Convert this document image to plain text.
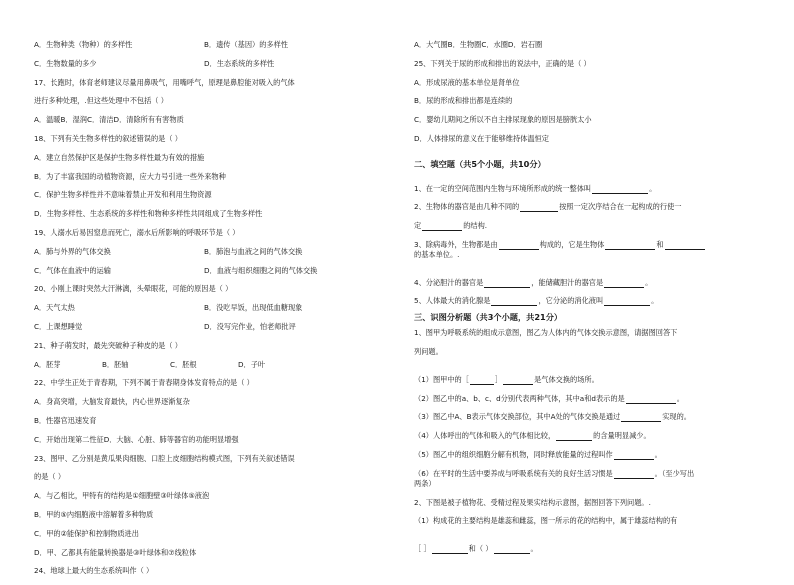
A．生物种类（物种）的多样性	B．遗传（基因）的多样性
C．生物数量的多少	D．生态系统的多样性
17、长跑时，体育老师建议尽量用鼻吸气，用嘴呼气，原理是鼻腔能对吸入的气体
进行多种处理，.但这些处理中不包括（ ）
A．温暖B．湿润C．清洁D．清除所有有害物质
18、下列有关生物多样性的叙述错误的是（ ）
A．建立自然保护区是保护生物多样性最为有效的措施
B．为了丰富我国的动植物资源，应大力号引进一些外来物种
C．保护生物多样性并不意味着禁止开发和利用生物资源
D．生物多样性、生态系统的多样性和物种多样性共同组成了生物多样性
19、人溺水后易因窒息而死亡，溺水后所影响的呼吸环节是（ ）
A．肺与外界的气体交换	B．肺泡与血液之间的气体交换
C．气体在血液中的运输	D．血液与组织细胞之间的气体交换
20、小刚上课时突然大汗淋漓，头晕眼花，可能的原因是（ ）
A．天气太热	B．没吃早饭，出现低血糖现象
C．上课想睡觉	D．没写完作业，怕老师批评
21、种子萌发时，最先突破种子种皮的是（ ）
A．胚芽	B．胚轴	C．胚根	D．子叶
22、中学生正处于青春期，下列不属于青春期身体发育特点的是（ ）
A．身高突增，大脑发育最快，内心世界逐渐复杂
B．性器官迅速发育
C．开始出现第二性征D．大脑、心脏、肺等器官的功能明显增强
23、图甲、乙分别是黄瓜果肉细胞、口腔上皮细胞结构模式图，下列有关叙述错误
的是（ ）
A．与乙相比，甲特有的结构是①细胞壁③叶绿体⑤液泡
B．甲的⑤内细胞液中溶解着多种物质
C．甲的②能保护和控制物质进出
D．甲、乙都具有能量转换器是③叶绿体和⑦线粒体
24、地球上最大的生态系统叫作（ ）
A．大气圈B．生物圈C．水圈D．岩石圈
25、下列关于尿的形成和排出的说法中，正确的是（ ）
A．形成尿液的基本单位是肾单位
B．尿的形成和排出都是连续的
C．婴幼儿期间之所以不自主排尿现象的原因是膀胱太小
D．人体排尿的意义在于能够维持体温恒定
二、填空题（共5个小题，共10分）
1、在一定的空间范围内生物与环境所形成的统一整体叫	。
2、生物体的器官是由几种不同的	按照一定次序结合在一起构成的行使一
定	的结构.
3、除病毒外，生物都是由	构成的，它是生物体	和
的基本单位。.
4、分泌胆汁的器官是	，能储藏胆汁的器官是	。
5、人体最大的消化腺是	，它分泌的消化液叫	。
三、识图分析题（共3个小题，共21分）
1、图甲为呼吸系统的组成示意图，图乙为人体内的气体交换示意图，请据图回答下
列问题。
（1）图甲中的［	］	是气体交换的场所。
（2）图乙中的a、b、c、d分别代表两种气体，其中a和d表示的是	。
（3）图乙中A、B表示气体交换部位，其中A处的气体交换是通过	实现的。
（4）人体呼出的气体和吸入的气体相比较，	的含量明显减少。
（5）图乙中的组织细胞分解有机物，同时释放能量的过程叫作	。
（6）在平时的生活中要养成与呼吸系统有关的良好生活习惯是	。（至少写出
两条）
2、下图是被子植物花、受精过程及果实结构示意图，据图回答下列问题。.
（1）构成花的主要结构是雄蕊和雌蕊，图一所示的花的结构中，属于雄蕊结构的有
［ ］	和（ ）	。
